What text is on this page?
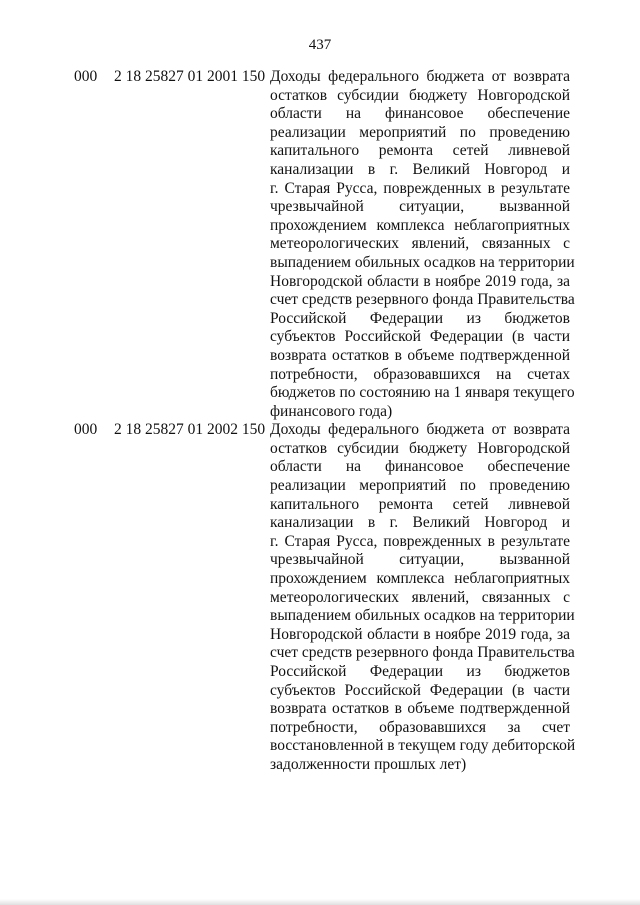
437
000	2 18 25827 01 2001 150 Доходы федерального бюджета от возврата
остатков субсидии бюджету Новгородской
области на финансовое обеспечение
реализации мероприятий по проведению
капитального ремонта сетей ливневой
канализации в г. Великий Новгород и
г. Старая Русса, поврежденных в результате
чрезвычайной ситуации, вызванной
прохождением комплекса неблагоприятных
метеорологических явлений, связанных с
выпадением обильных осадков на территории
Новгородской области в ноябре 2019 года, за
счет средств резервного фонда Правительства
Российской Федерации из бюджетов
субъектов Российской Федерации (в части
возврата остатков в объеме подтвержденной
потребности, образовавшихся на счетах
бюджетов по состоянию на 1 января текущего
финансового года)
000	2 18 25827 01 2002 150 Доходы федерального бюджета от возврата
остатков субсидии бюджету Новгородской
области на финансовое обеспечение
реализации мероприятий по проведению
капитального ремонта сетей ливневой
канализации в г. Великий Новгород и
г. Старая Русса, поврежденных в результате
чрезвычайной ситуации, вызванной
прохождением комплекса неблагоприятных
метеорологических явлений, связанных с
выпадением обильных осадков на территории
Новгородской области в ноябре 2019 года, за
счет средств резервного фонда Правительства
Российской Федерации из бюджетов
субъектов Российской Федерации (в части
возврата остатков в объеме подтвержденной
потребности, образовавшихся за счет
восстановленной в текущем году дебиторской
задолженности прошлых лет)
